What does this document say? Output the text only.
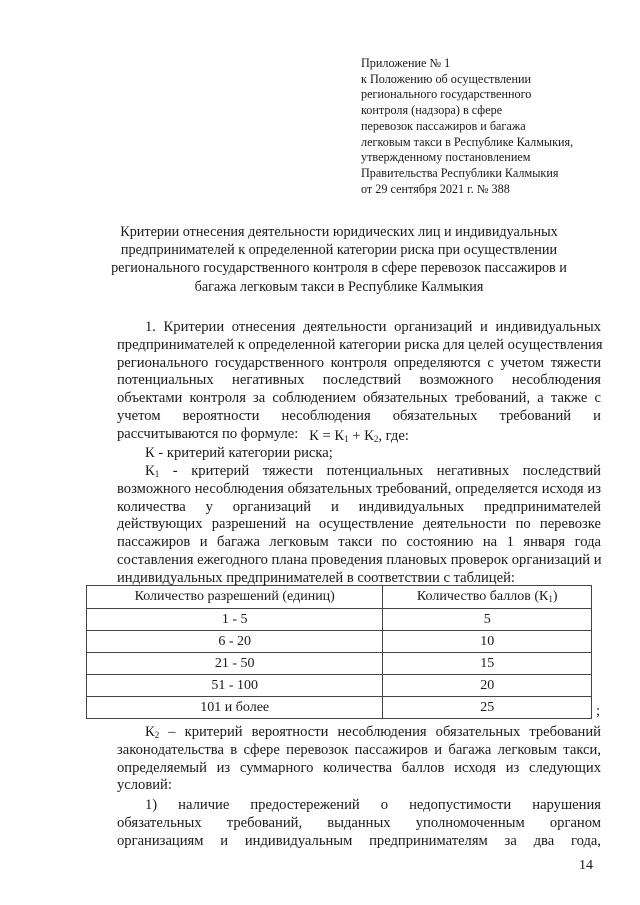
Приложение № 1
к Положению об осуществлении
регионального государственного
контроля (надзора) в сфере
перевозок пассажиров и багажа
легковым такси в Республике Калмыкия,
утвержденному постановлением
Правительства Республики Калмыкия
от 29 сентября 2021 г. № 388
Критерии отнесения деятельности юридических лиц и индивидуальных
предпринимателей к определенной категории риска при осуществлении
регионального государственного контроля в сфере перевозок пассажиров и
багажа легковым такси в Республике Калмыкия
1. Критерии отнесения деятельности организаций и индивидуальных
предпринимателей к определенной категории риска для целей осуществления
регионального государственного контроля определяются с учетом тяжести
потенциальных негативных последствий возможного несоблюдения
объектами контроля за соблюдением обязательных требований, а также с
учетом вероятности несоблюдения обязательных требований и
рассчитываются по формуле: $К = К_1 + К_2$, где:
К - критерий категории риска;
$К_1$ - критерий тяжести потенциальных негативных последствий
возможного несоблюдения обязательных требований, определяется исходя из
количества у организаций и индивидуальных предпринимателей
действующих разрешений на осуществление деятельности по перевозке
пассажиров и багажа легковым такси по состоянию на 1 января года
составления ежегодного плана проведения плановых проверок организаций и
индивидуальных предпринимателей в соответствии с таблицей:
Количество разрешений (единиц)	Количество баллов $(К_1)$
1 - 5	5
6 - 20	10
21 - 50	15
51 - 100	20
101 и более	25	;
$К_2$ – критерий вероятности несоблюдения обязательных требований
законодательства в сфере перевозок пассажиров и багажа легковым такси,
определяемый из суммарного количества баллов исходя из следующих
условий:
1) наличие предостережений о недопустимости нарушения
обязательных требований, выданных уполномоченным органом
организациям и индивидуальным предпринимателям за два года,
14
